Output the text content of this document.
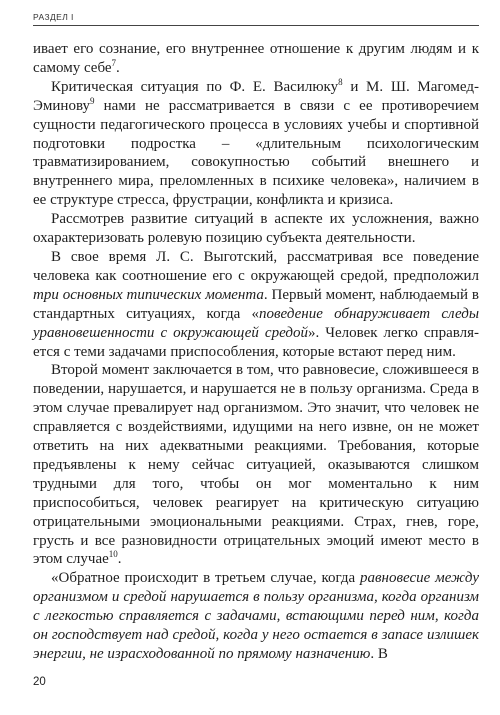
РАЗДЕЛ I

ивает его сознание, его внутреннее отношение к другим людям и к самому себе$^7$.

Критическая ситуация по Ф. Е. Василюку$^8$ и М. Ш. Магомед-Эминову$^9$ нами не рассматривается в связи с ее противоречием сущности педагогического процесса в условиях учебы и спортивной подготовки подростка – «длительным психологическим травматизированием, совокупностью событий внешнего и внутреннего мира, преломленных в психике человека», наличием в ее структуре стресса, фрустрации, конфликта и кризиса.

Рассмотрев развитие ситуаций в аспекте их усложнения, важно охарактеризовать ролевую позицию субъекта деятельности.

В свое время Л. С. Выготский, рассматривая все поведение человека как соотношение его с окружающей средой, предположил три основных типических момента. Первый момент, наблюдаемый в стандартных ситуациях, когда «поведение обнаруживает следы уравновешенности с окружающей средой». Человек легко справляется с теми задачами приспособления, которые встают перед ним.

Второй момент заключается в том, что равновесие, сложившееся в поведении, нарушается, и нарушается не в пользу организма. Среда в этом случае превалирует над организмом. Это значит, что человек не справляется с воздействиями, идущими на него извне, он не может ответить на них адекватными реакциями. Требования, которые предъявлены к нему сейчас ситуацией, оказываются слишком трудными для того, чтобы он мог моментально к ним приспособиться, человек реагирует на критическую ситуацию отрицательными эмоциональными реакциями. Страх, гнев, горе, грусть и все разновидности отрицательных эмоций имеют место в этом случае$^{10}$.

«Обратное происходит в третьем случае, когда равновесие между организмом и средой нарушается в пользу организма, когда организм с легкостью справляется с задачами, встающими перед ним, когда он господствует над средой, когда у него остается в запасе излишек энергии, не израсходованной по прямому назначению. В

20
